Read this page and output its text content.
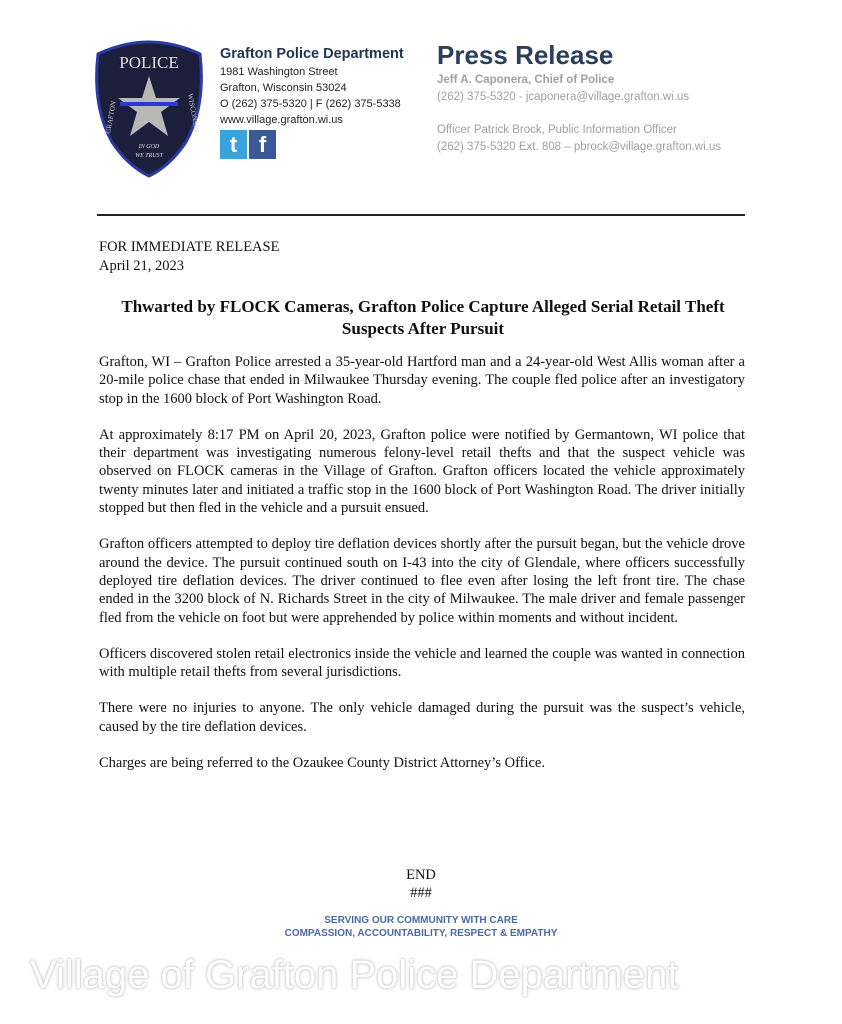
POLICE
GRAFTON	WISCONSIN
IN GOD
WE TRUST
Grafton Police Department
1981 Washington Street
Grafton, Wisconsin 53024
O (262) 375-5320 | F (262) 375-5338
www.village.grafton.wi.us
t f
Press Release
Jeff A. Caponera, Chief of Police
(262) 375-5320 - jcaponera@village.grafton.wi.us
Officer Patrick Brock, Public Information Officer
(262) 375-5320 Ext. 808 – pbrock@village.grafton.wi.us
FOR IMMEDIATE RELEASE
April 21, 2023
Thwarted by FLOCK Cameras, Grafton Police Capture Alleged Serial Retail Theft Suspects After Pursuit

Grafton, WI – Grafton Police arrested a 35-year-old Hartford man and a 24-year-old West Allis woman after a 20-mile police chase that ended in Milwaukee Thursday evening. The couple fled police after an investigatory stop in the 1600 block of Port Washington Road.

At approximately 8:17 PM on April 20, 2023, Grafton police were notified by Germantown, WI police that their department was investigating numerous felony-level retail thefts and that the suspect vehicle was observed on FLOCK cameras in the Village of Grafton. Grafton officers located the vehicle approximately twenty minutes later and initiated a traffic stop in the 1600 block of Port Washington Road. The driver initially stopped but then fled in the vehicle and a pursuit ensued.

Grafton officers attempted to deploy tire deflation devices shortly after the pursuit began, but the vehicle drove around the device. The pursuit continued south on I-43 into the city of Glendale, where officers successfully deployed tire deflation devices. The driver continued to flee even after losing the left front tire. The chase ended in the 3200 block of N. Richards Street in the city of Milwaukee. The male driver and female passenger fled from the vehicle on foot but were apprehended by police within moments and without incident.

Officers discovered stolen retail electronics inside the vehicle and learned the couple was wanted in connection with multiple retail thefts from several jurisdictions.

There were no injuries to anyone. The only vehicle damaged during the pursuit was the suspect’s vehicle, caused by the tire deflation devices.

Charges are being referred to the Ozaukee County District Attorney’s Office.

END
###
SERVING OUR COMMUNITY WITH CARE
COMPASSION, ACCOUNTABILITY, RESPECT & EMPATHY
Village of Grafton Police Department
